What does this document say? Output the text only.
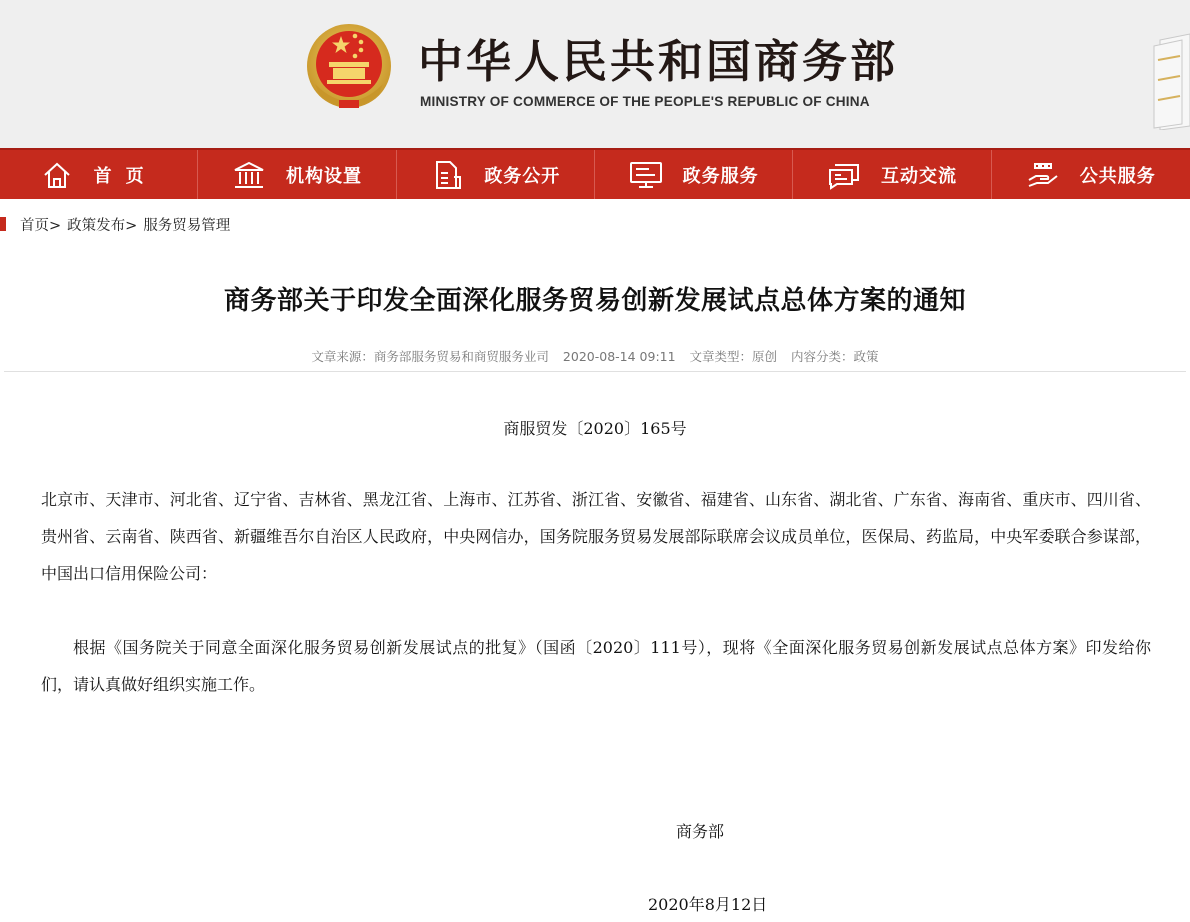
中华人民共和国商务部
MINISTRY OF COMMERCE OF THE PEOPLE'S REPUBLIC OF CHINA
首页	机构设置	政务公开	政务服务	互动交流	公共服务
首页> 政策发布> 服务贸易管理
商务部关于印发全面深化服务贸易创新发展试点总体方案的通知
文章来源：商务部服务贸易和商贸服务业司 2020-08-14 09:11 文章类型：原创 内容分类：政策
商服贸发〔2020〕165号

北京市、天津市、河北省、辽宁省、吉林省、黑龙江省、上海市、江苏省、浙江省、安徽省、福建省、山东省、湖北省、广东省、海南省、重庆市、四川省、贵州省、云南省、陕西省、新疆维吾尔自治区人民政府，中央网信办，国务院服务贸易发展部际联席会议成员单位，医保局、药监局，中央军委联合参谋部，中国出口信用保险公司：

根据《国务院关于同意全面深化服务贸易创新发展试点的批复》（国函〔2020〕111号），现将《全面深化服务贸易创新发展试点总体方案》印发给你们，请认真做好组织实施工作。

商务部
2020年8月12日
